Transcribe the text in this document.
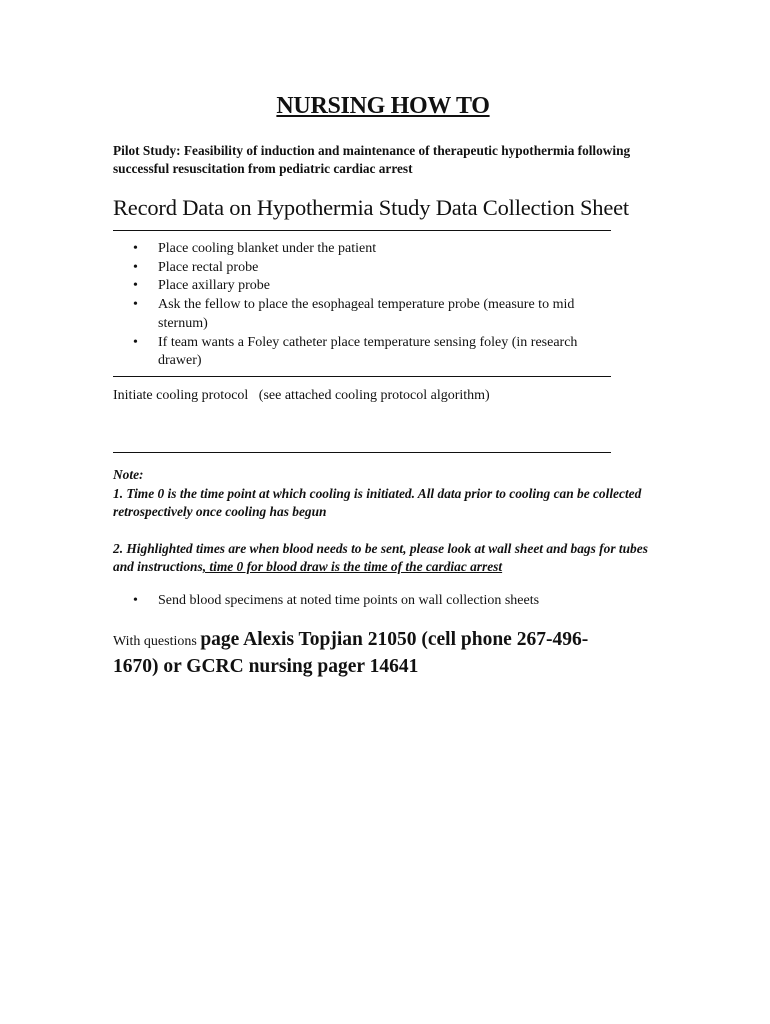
NURSING HOW TO
Pilot Study: Feasibility of induction and maintenance of therapeutic hypothermia following successful resuscitation from pediatric cardiac arrest
Record Data on Hypothermia Study Data Collection Sheet
• Place cooling blanket under the patient
• Place rectal probe
• Place axillary probe
• Ask the fellow to place the esophageal temperature probe (measure to mid sternum)
• If team wants a Foley catheter place temperature sensing foley (in research drawer)
Initiate cooling protocol   (see attached cooling protocol algorithm)

Note:

1. Time 0 is the time point at which cooling is initiated. All data prior to cooling can be collected retrospectively once cooling has begun

2. Highlighted times are when blood needs to be sent, please look at wall sheet and bags for tubes and instructions, time 0 for blood draw is the time of the cardiac arrest

• Send blood specimens at noted time points on wall collection sheets
With questions page Alexis Topjian 21050 (cell phone 267-496-1670) or GCRC nursing pager 14641
